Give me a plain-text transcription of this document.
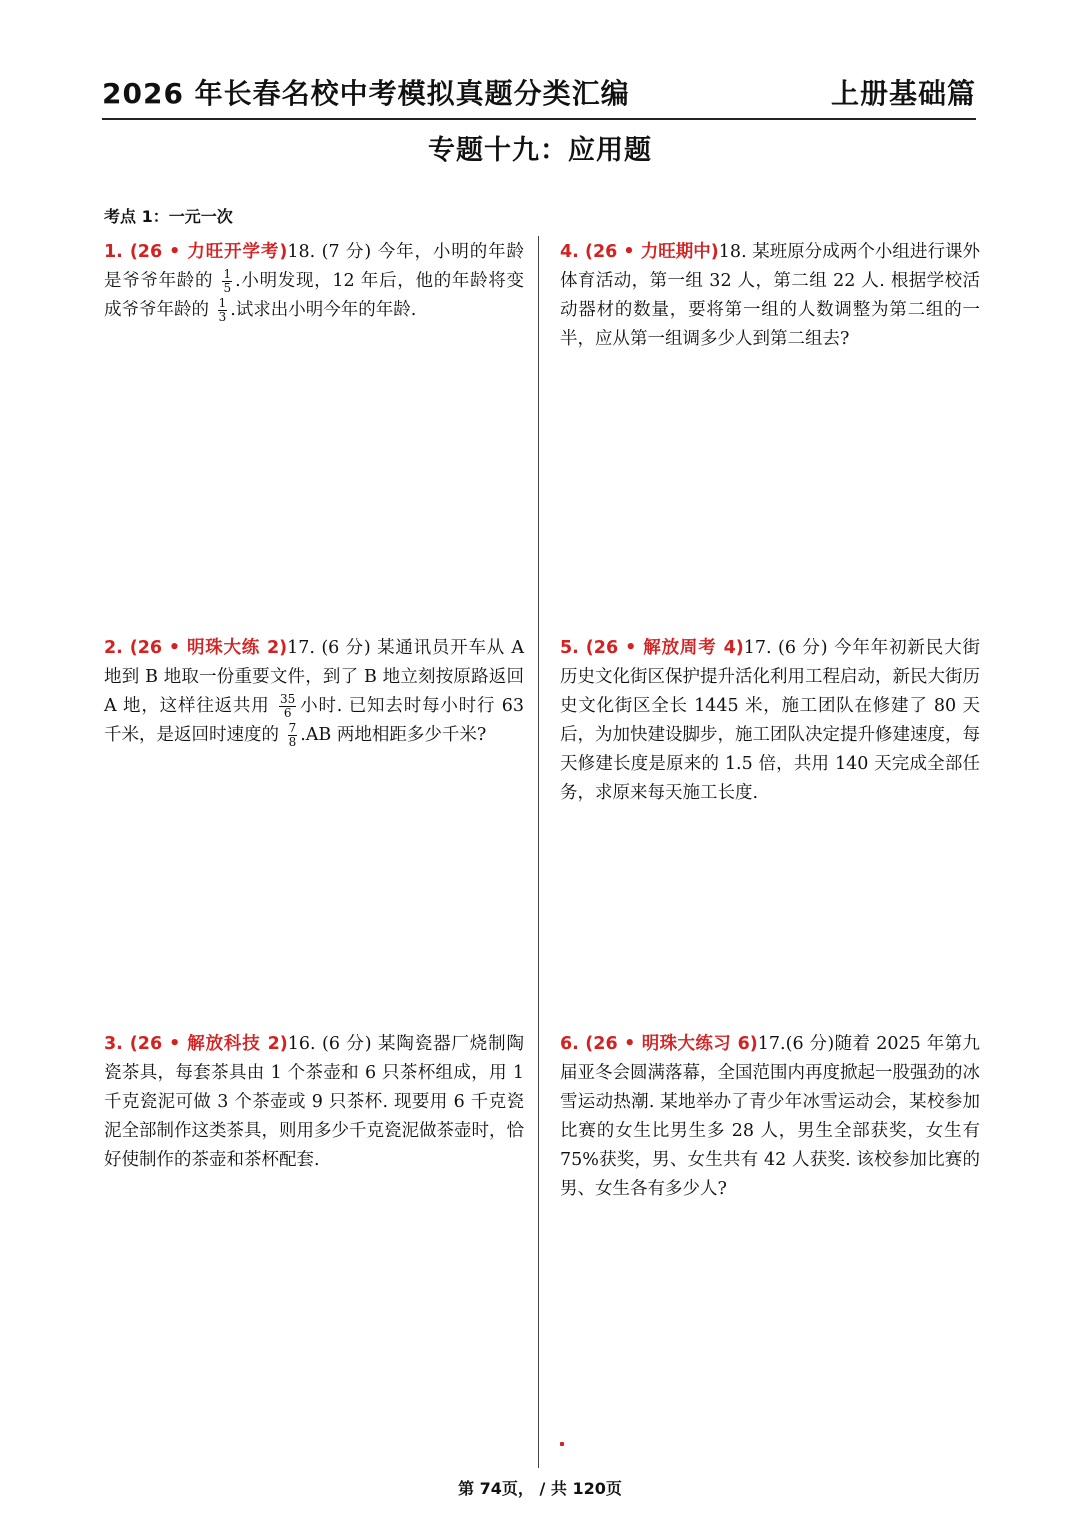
2026 年长春名校中考模拟真题分类汇编	上册基础篇
专题十九：应用题
考点 1：一元一次
1. (26 • 力旺开学考)18. (7 分) 今年，小明的年龄是爷爷年龄的 $\frac{1}{5}$ .小明发现，12 年后，他的年龄将变成爷爷年龄的 $\frac{1}{3}$ .试求出小明今年的年龄.
4. (26 • 力旺期中)18. 某班原分成两个小组进行课外体育活动，第一组 32 人，第二组 22 人. 根据学校活动器材的数量，要将第一组的人数调整为第二组的一半，应从第一组调多少人到第二组去?
2. (26 • 明珠大练 2)17. (6 分) 某通讯员开车从 A 地到 B 地取一份重要文件，到了 B 地立刻按原路返回 A 地，这样往返共用 $\frac{35}{6}$ 小时. 已知去时每小时行 63 千米，是返回时速度的 $\frac{7}{8} .AB$ 两地相距多少千米?
5. (26 • 解放周考 4)17. (6 分) 今年年初新民大街历史文化街区保护提升活化利用工程启动，新民大街历史文化街区全长 1445 米，施工团队在修建了 80 天后，为加快建设脚步，施工团队决定提升修建速度，每天修建长度是原来的 1.5 倍，共用 140 天完成全部任务，求原来每天施工长度.
3. (26 • 解放科技 2)16. (6 分) 某陶瓷器厂烧制陶瓷茶具，每套茶具由 1 个茶壶和 6 只茶杯组成，用 1 千克瓷泥可做 3 个茶壶或 9 只茶杯. 现要用 6 千克瓷泥全部制作这类茶具，则用多少千克瓷泥做茶壶时，恰好使制作的茶壶和茶杯配套.
6. (26 • 明珠大练习 6)17.(6 分)随着 2025 年第九届亚冬会圆满落幕，全国范围内再度掀起一股强劲的冰雪运动热潮. 某地举办了青少年冰雪运动会，某校参加比赛的女生比男生多 28 人，男生全部获奖，女生有 75%获奖，男、女生共有 42 人获奖. 该校参加比赛的男、女生各有多少人?
第 74页， / 共 120页
